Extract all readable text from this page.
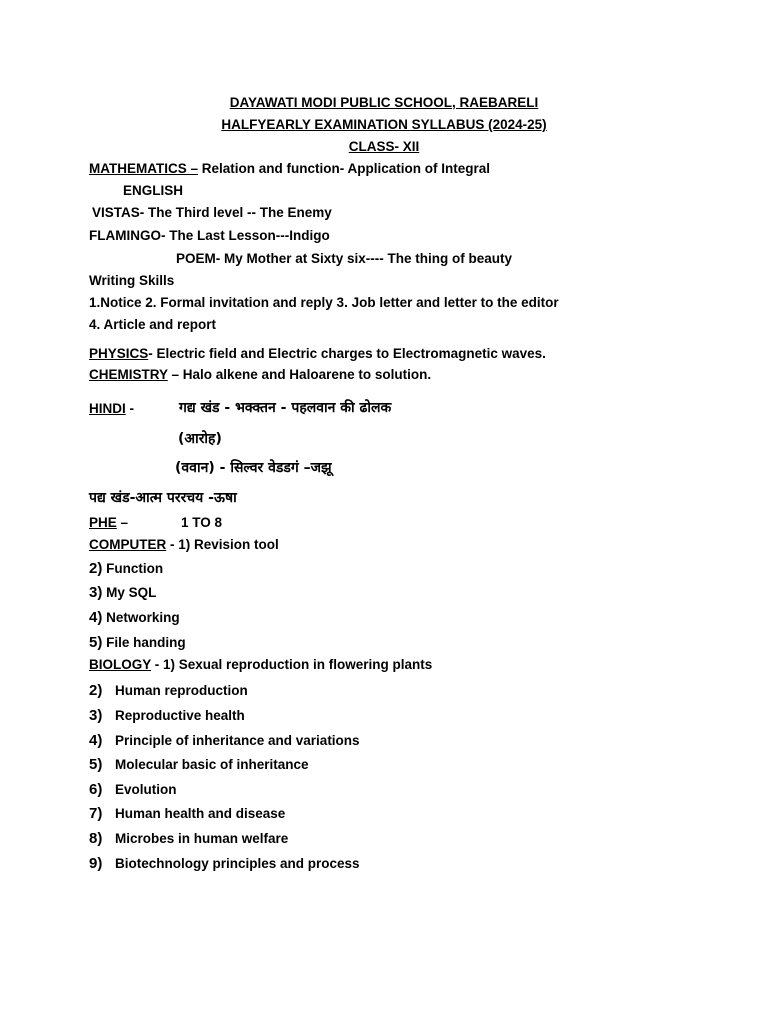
DAYAWATI MODI PUBLIC SCHOOL, RAEBARELI
HALFYEARLY EXAMINATION SYLLABUS (2024-25)
CLASS- XII
MATHEMATICS – Relation and function- Application of Integral
ENGLISH
VISTAS- The Third level -- The Enemy
FLAMINGO- The Last Lesson---Indigo
POEM- My Mother at Sixty six---- The thing of beauty
Writing Skills
1.Notice 2. Formal invitation and reply 3. Job letter and letter to the editor
4. Article and report
PHYSICS- Electric field and Electric charges to Electromagnetic waves.
CHEMISTRY – Halo alkene and Haloarene to solution.
HINDI -	गद्य खंड - भक्क्तन - पहलवान की ढोलक
(आरोह)
(ववान) - सिल्वर वेडडगं –जझू
पद्य खंड-आत्म पररचय -ऊषा
PHE –	1 TO 8
COMPUTER - 1) Revision tool
2) Function
3) My SQL
4) Networking
5) File handing
BIOLOGY - 1) Sexual reproduction in flowering plants
2) Human reproduction
3) Reproductive health
4) Principle of inheritance and variations
5) Molecular basic of inheritance
6) Evolution
7) Human health and disease
8) Microbes in human welfare
9) Biotechnology principles and process
